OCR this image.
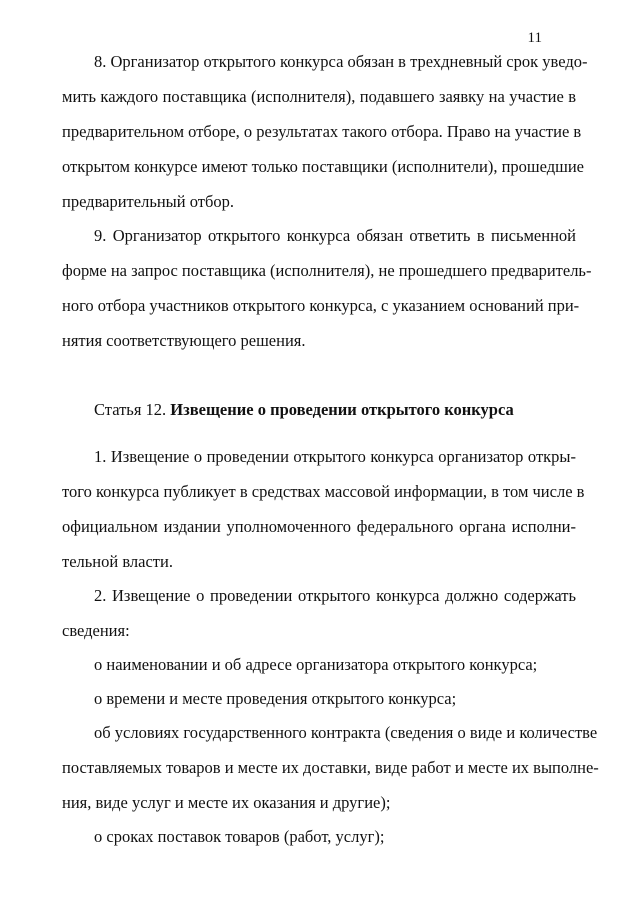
11
8. Организатор открытого конкурса обязан в трехдневный срок уведо-
мить каждого поставщика (исполнителя), подавшего заявку на участие в
предварительном отборе, о результатах такого отбора. Право на участие в
открытом конкурсе имеют только поставщики (исполнители), прошедшие
предварительный отбор.
9. Организатор открытого конкурса обязан ответить в письменной
форме на запрос поставщика (исполнителя), не прошедшего предваритель-
ного отбора участников открытого конкурса, с указанием оснований при-
нятия соответствующего решения.
Статья 12. Извещение о проведении открытого конкурса
1. Извещение о проведении открытого конкурса организатор откры-
того конкурса публикует в средствах массовой информации, в том числе в
официальном издании уполномоченного федерального органа исполни-
тельной власти.
2. Извещение о проведении открытого конкурса должно содержать
сведения:
о наименовании и об адресе организатора открытого конкурса;
о времени и месте проведения открытого конкурса;
об условиях государственного контракта (сведения о виде и количестве
поставляемых товаров и месте их доставки, виде работ и месте их выполне-
ния, виде услуг и месте их оказания и другие);
о сроках поставок товаров (работ, услуг);
